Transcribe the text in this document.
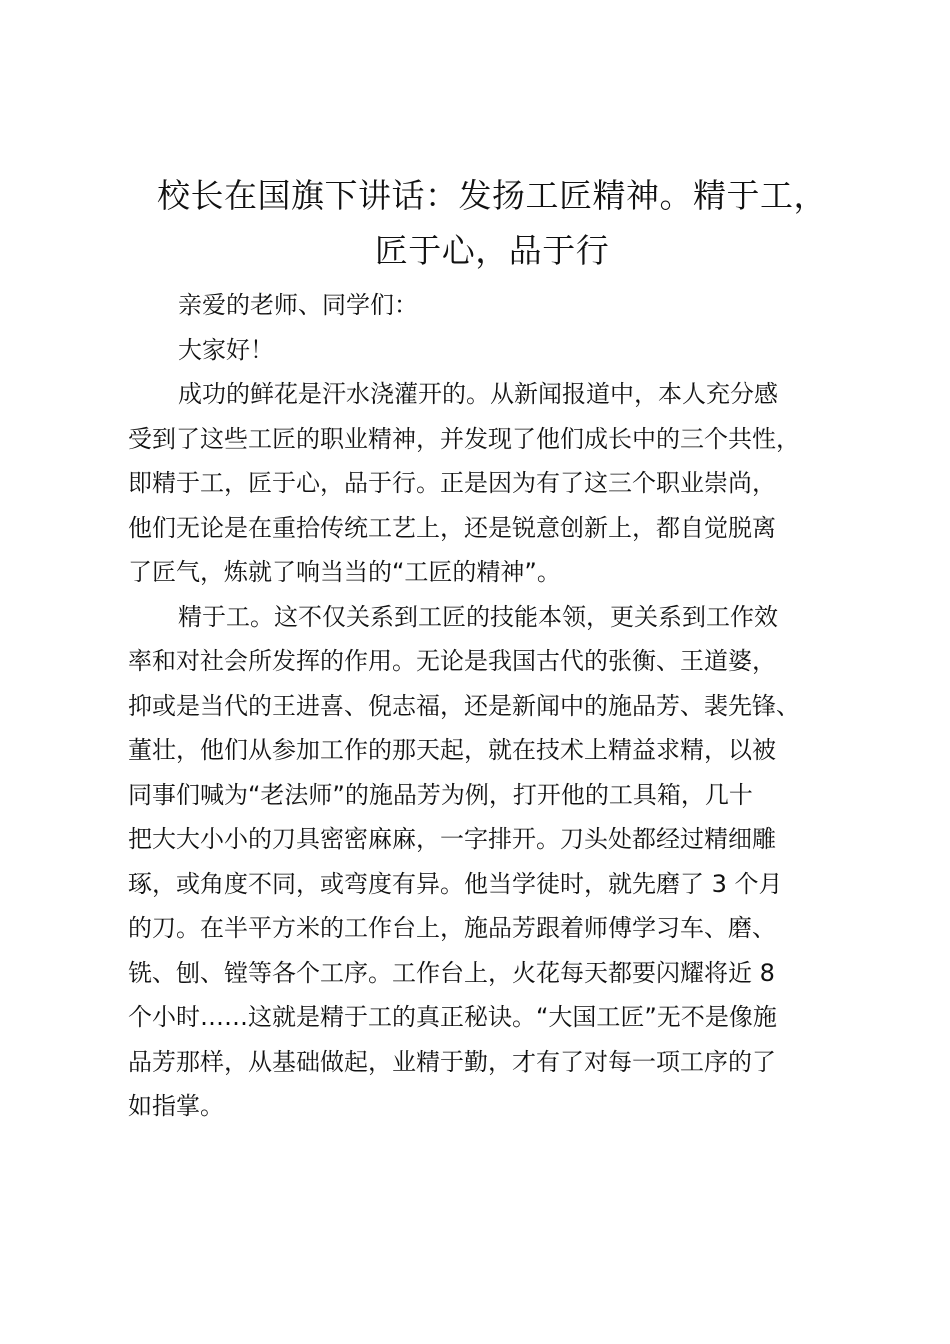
校长在国旗下讲话：发扬工匠精神。精于工，
匠于心，品于行

亲爱的老师、同学们：

大家好！

成功的鲜花是汗水浇灌开的。从新闻报道中，本人充分感
受到了这些工匠的职业精神，并发现了他们成长中的三个共性，
即精于工，匠于心，品于行。正是因为有了这三个职业崇尚，
他们无论是在重拾传统工艺上，还是锐意创新上，都自觉脱离
了匠气，炼就了响当当的“工匠的精神”。
精于工。这不仅关系到工匠的技能本领，更关系到工作效
率和对社会所发挥的作用。无论是我国古代的张衡、王道婆，
抑或是当代的王进喜、倪志福，还是新闻中的施品芳、裴先锋、
董壮，他们从参加工作的那天起，就在技术上精益求精，以被
同事们喊为“老法师”的施品芳为例，打开他的工具箱，几十
把大大小小的刀具密密麻麻，一字排开。刀头处都经过精细雕
琢，或角度不同，或弯度有异。他当学徒时，就先磨了 3 个月
的刀。在半平方米的工作台上，施品芳跟着师傅学习车、磨、
铣、刨、镗等各个工序。工作台上，火花每天都要闪耀将近 8
个小时……这就是精于工的真正秘诀。“大国工匠”无不是像施
品芳那样，从基础做起，业精于勤，才有了对每一项工序的了
如指掌。
